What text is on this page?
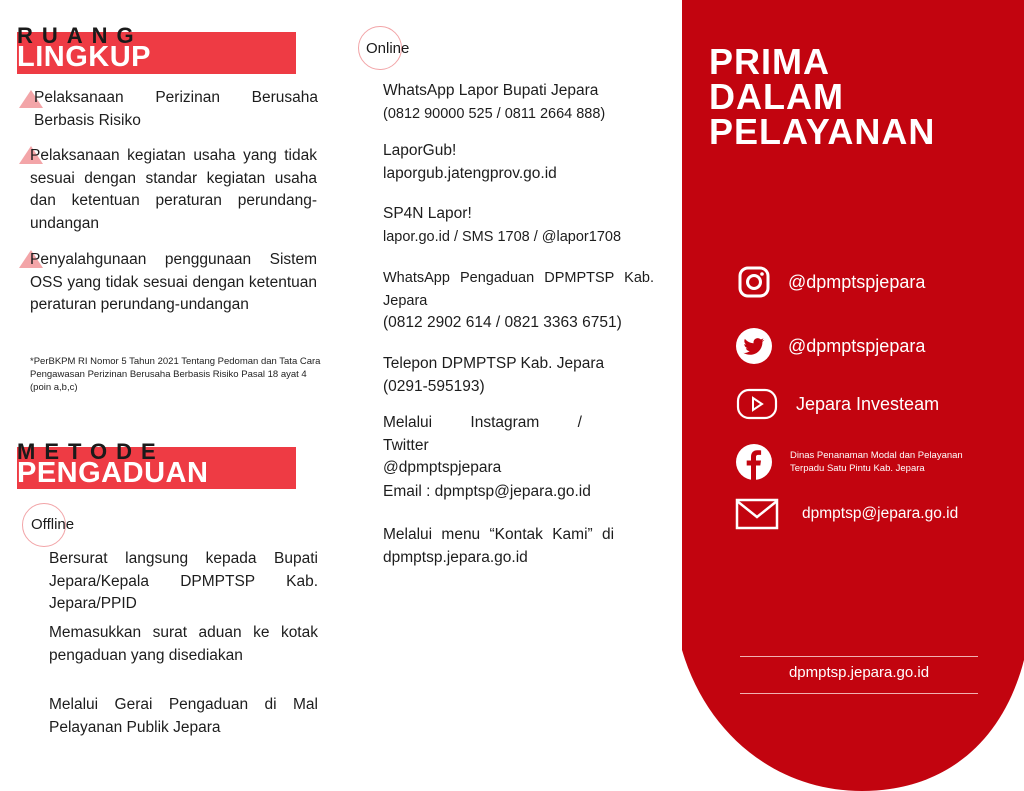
RUANG
LINGKUP
Pelaksanaan Perizinan Berusaha Berbasis Risiko
Pelaksanaan kegiatan usaha yang tidak sesuai dengan standar kegiatan usaha dan ketentuan peraturan perundang-undangan
Penyalahgunaan penggunaan Sistem OSS yang tidak sesuai dengan ketentuan peraturan perundang-undangan
*PerBKPM RI Nomor 5 Tahun 2021 Tentang Pedoman dan Tata Cara Pengawasan Perizinan Berusaha Berbasis Risiko Pasal 18 ayat 4 (poin a,b,c)
METODE
PENGADUAN
Offline
Bersurat langsung kepada Bupati Jepara/Kepala DPMPTSP Kab. Jepara/PPID
Memasukkan surat aduan ke kotak pengaduan yang disediakan
Melalui Gerai Pengaduan di Mal Pelayanan Publik Jepara
Online
WhatsApp Lapor Bupati Jepara
(0812 90000 525 / 0811 2664 888)
LaporGub!
laporgub.jatengprov.go.id
SP4N Lapor!
lapor.go.id / SMS 1708 / @lapor1708
WhatsApp Pengaduan DPMPTSP Kab. Jepara
(0812 2902 614 / 0821 3363 6751)
Telepon DPMPTSP Kab. Jepara
(0291-595193)
Melalui Instagram / Twitter
@dpmptspjepara
Email : dpmptsp@jepara.go.id
Melalui menu “Kontak Kami” di
dpmptsp.jepara.go.id
PRIMA
DALAM
PELAYANAN
@dpmptspjepara
@dpmptspjepara
Jepara Investeam
Dinas Penanaman Modal dan Pelayanan Terpadu Satu Pintu Kab. Jepara
dpmptsp@jepara.go.id
dpmptsp.jepara.go.id
